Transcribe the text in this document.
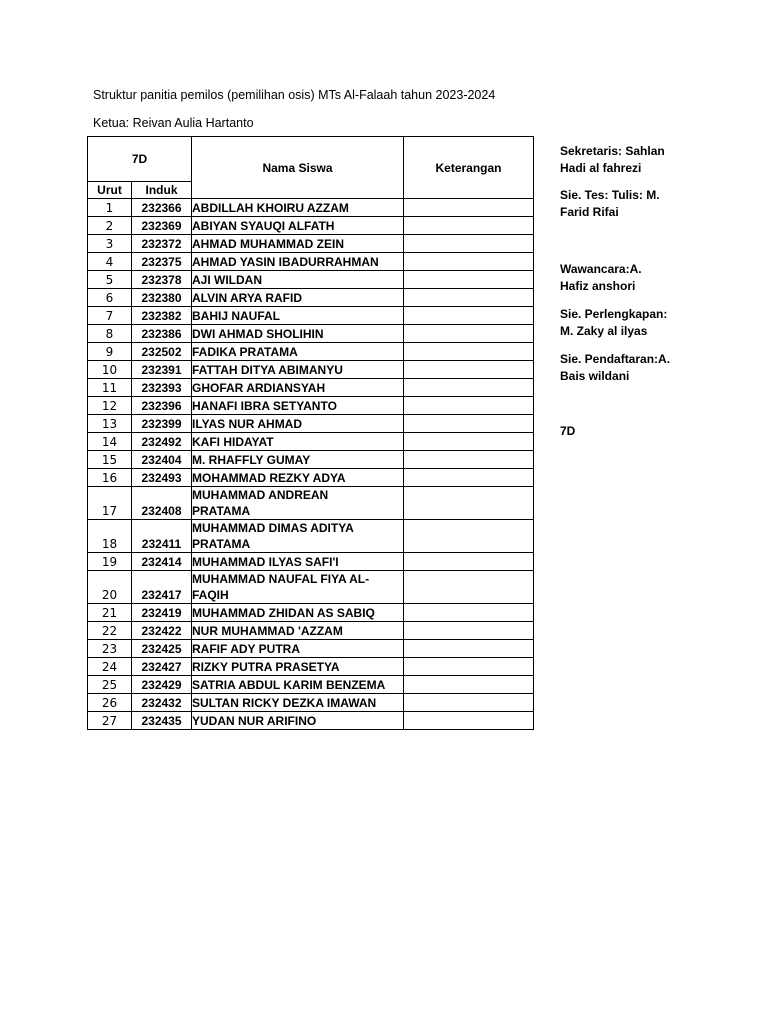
Struktur panitia pemilos (pemilihan osis) MTs Al-Falaah tahun 2023-2024
Ketua: Reivan Aulia Hartanto
7D		Nama Siswa	Keterangan
Urut	Induk		
1	232366	ABDILLAH KHOIRU AZZAM	

2	232369	ABIYAN SYAUQI ALFATH	

3	232372	AHMAD MUHAMMAD ZEIN	

4	232375	AHMAD YASIN IBADURRAHMAN	

5	232378	AJI WILDAN	

6	232380	ALVIN ARYA RAFID	

7	232382	BAHIJ NAUFAL	

8	232386	DWI AHMAD SHOLIHIN	

9	232502	FADIKA PRATAMA	

10	232391	FATTAH DITYA ABIMANYU	

11	232393	GHOFAR ARDIANSYAH	

12	232396	HANAFI IBRA SETYANTO	

13	232399	ILYAS NUR AHMAD	

14	232492	KAFI HIDAYAT	

15	232404	M. RHAFFLY GUMAY	

16	232493	MOHAMMAD REZKY ADYA	

17	232408	MUHAMMAD ANDREAN
PRATAMA	

18	232411	MUHAMMAD DIMAS ADITYA
PRATAMA	

19	232414	MUHAMMAD ILYAS SAFI'I	

20	232417	MUHAMMAD NAUFAL FIYA AL-
FAQIH	

21	232419	MUHAMMAD ZHIDAN AS SABIQ	

22	232422	NUR MUHAMMAD 'AZZAM	

23	232425	RAFIF ADY PUTRA	

24	232427	RIZKY PUTRA PRASETYA	

25	232429	SATRIA ABDUL KARIM BENZEMA	

26	232432	SULTAN RICKY DEZKA IMAWAN	

27	232435	YUDAN NUR ARIFINO	

Sekretaris: Sahlan
Hadi al fahrezi
Sie. Tes: Tulis: M.
Farid Rifai
Wawancara:A.
Hafiz anshori
Sie. Perlengkapan:
M. Zaky al ilyas
Sie. Pendaftaran:A.
Bais wildani
7D
